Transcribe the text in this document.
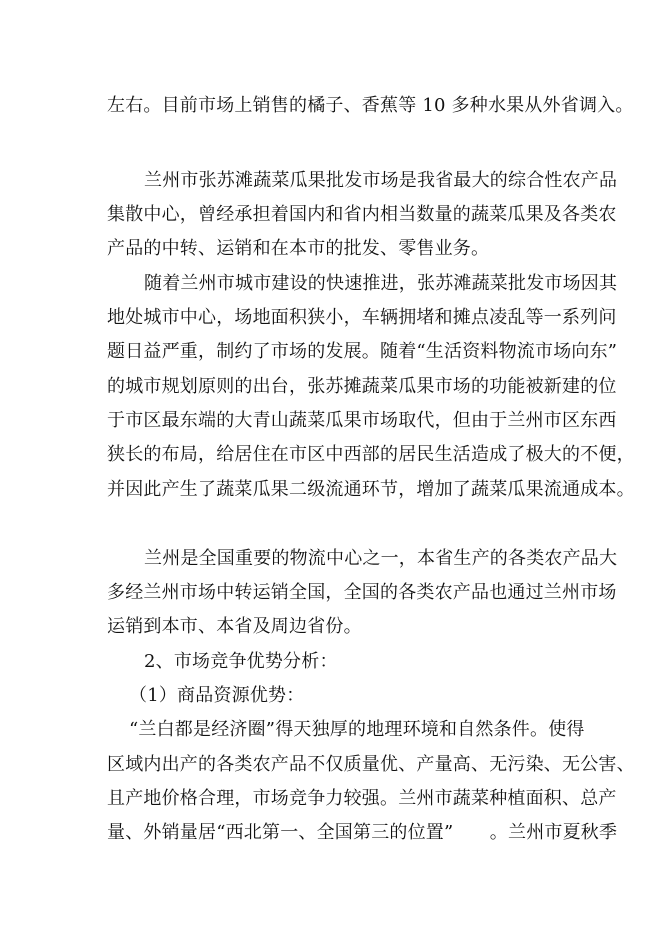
左右。目前市场上销售的橘子、香蕉等 10 多种水果从外省调入。
兰州市张苏滩蔬菜瓜果批发市场是我省最大的综合性农产品
集散中心，曾经承担着国内和省内相当数量的蔬菜瓜果及各类农
产品的中转、运销和在本市的批发、零售业务。
随着兰州市城市建设的快速推进，张苏滩蔬菜批发市场因其
地处城市中心，场地面积狭小，车辆拥堵和摊点凌乱等一系列问
题日益严重，制约了市场的发展。随着“生活资料物流市场向东”
的城市规划原则的出台，张苏摊蔬菜瓜果市场的功能被新建的位
于市区最东端的大青山蔬菜瓜果市场取代，但由于兰州市区东西
狭长的布局，给居住在市区中西部的居民生活造成了极大的不便，
并因此产生了蔬菜瓜果二级流通环节，增加了蔬菜瓜果流通成本。
兰州是全国重要的物流中心之一，本省生产的各类农产品大
多经兰州市场中转运销全国，全国的各类农产品也通过兰州市场
运销到本市、本省及周边省份。
2、市场竞争优势分析：
（1）商品资源优势：
“兰白都是经济圈”得天独厚的地理环境和自然条件。使得
区域内出产的各类农产品不仅质量优、产量高、无污染、无公害、
且产地价格合理，市场竞争力较强。兰州市蔬菜种植面积、总产
量、外销量居“西北第一、全国第三的位置”　　。兰州市夏秋季
